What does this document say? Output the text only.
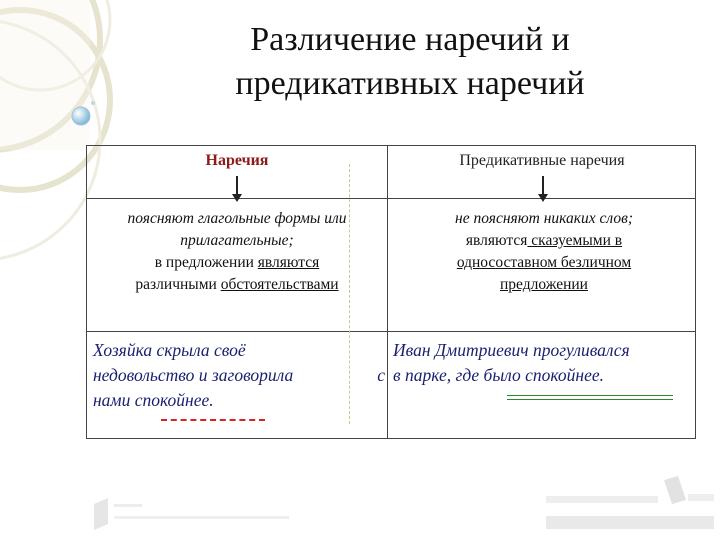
Различение наречий и
предикативных наречий
Наречия	Предикативные наречия
поясняют глагольные формы или
прилагательные;
в предложении являются
различными обстоятельствами
не поясняют никаких слов;
являются сказуемыми в
односоставном безличном
предложении
Хозяйка скрыла своё
недовольство и заговорила	с
нами спокойнее.
Иван Дмитриевич прогуливался
в парке, где было спокойнее.
